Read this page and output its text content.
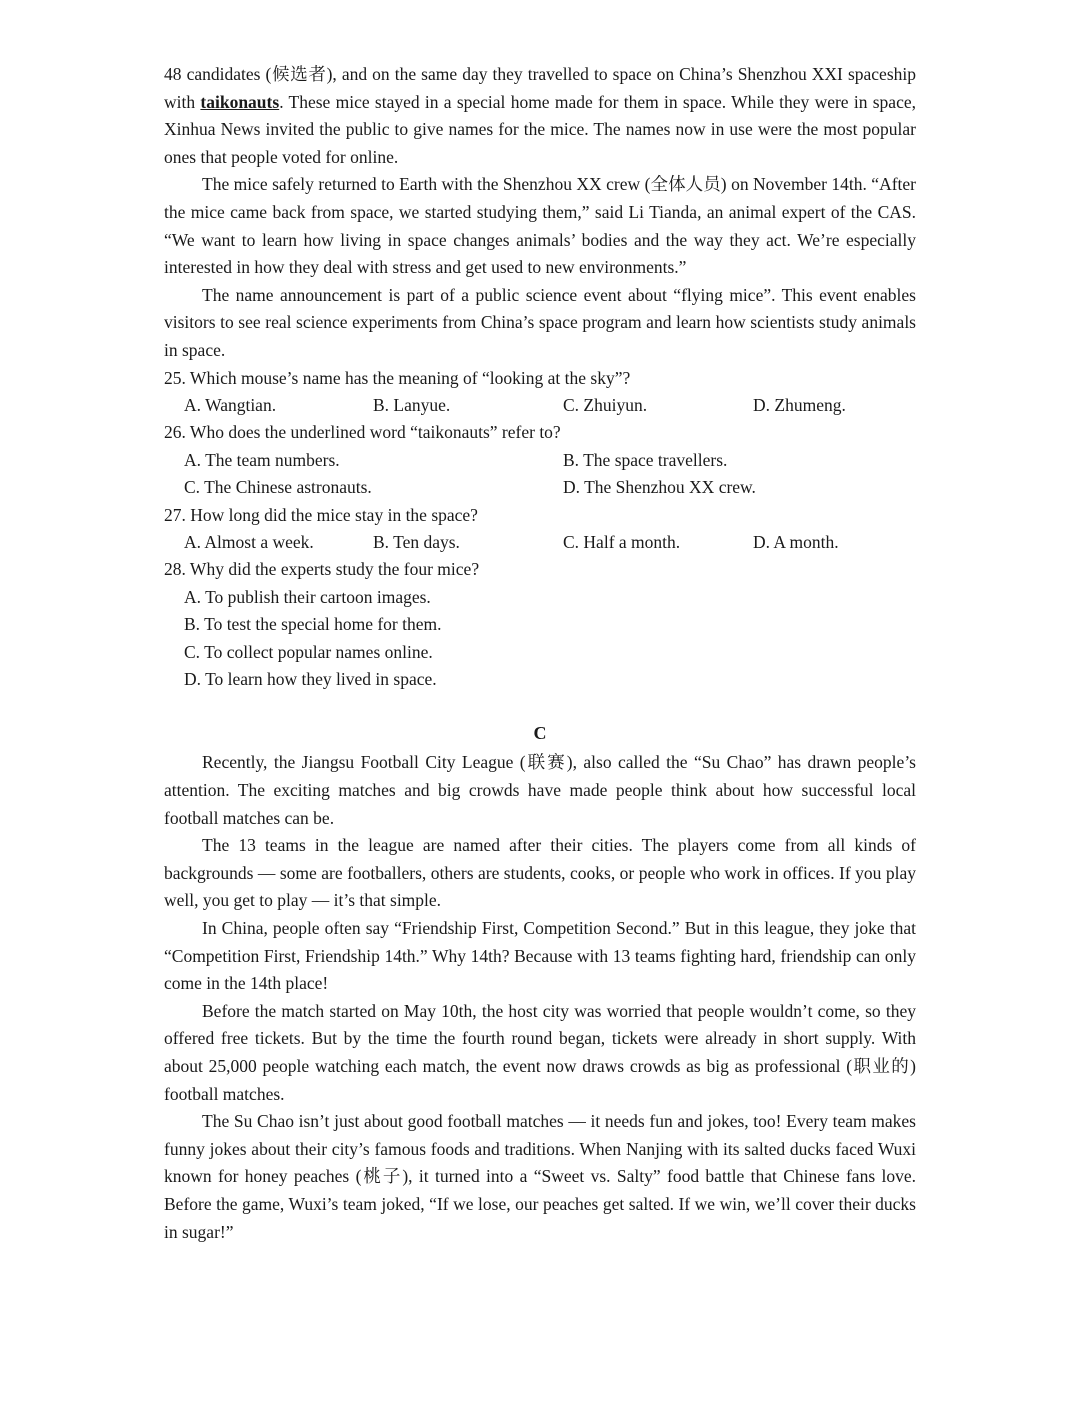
48 candidates (候选者), and on the same day they travelled to space on China’s Shenzhou XXI spaceship with taikonauts. These mice stayed in a special home made for them in space. While they were in space, Xinhua News invited the public to give names for the mice. The names now in use were the most popular ones that people voted for online.

The mice safely returned to Earth with the Shenzhou XX crew (全体人员) on November 14th. “After the mice came back from space, we started studying them,” said Li Tianda, an animal expert of the CAS. “We want to learn how living in space changes animals’ bodies and the way they act. We’re especially interested in how they deal with stress and get used to new environments.”

The name announcement is part of a public science event about “flying mice”. This event enables visitors to see real science experiments from China’s space program and learn how scientists study animals in space.

25. Which mouse’s name has the meaning of “looking at the sky”?
A. Wangtian.	B. Lanyue.	C. Zhuiyun.	D. Zhumeng.
26. Who does the underlined word “taikonauts” refer to?
A. The team numbers.	B. The space travellers.
C. The Chinese astronauts.	D. The Shenzhou XX crew.
27. How long did the mice stay in the space?
A. Almost a week.	B. Ten days.	C. Half a month.	D. A month.
28. Why did the experts study the four mice?
A. To publish their cartoon images.
B. To test the special home for them.
C. To collect popular names online.
D. To learn how they lived in space.
C

Recently, the Jiangsu Football City League (联赛), also called the “Su Chao” has drawn people’s attention. The exciting matches and big crowds have made people think about how successful local football matches can be.

The 13 teams in the league are named after their cities. The players come from all kinds of backgrounds — some are footballers, others are students, cooks, or people who work in offices. If you play well, you get to play — it’s that simple.

In China, people often say “Friendship First, Competition Second.” But in this league, they joke that “Competition First, Friendship 14th.” Why 14th? Because with 13 teams fighting hard, friendship can only come in the 14th place!

Before the match started on May 10th, the host city was worried that people wouldn’t come, so they offered free tickets. But by the time the fourth round began, tickets were already in short supply. With about 25,000 people watching each match, the event now draws crowds as big as professional (职业的) football matches.

The Su Chao isn’t just about good football matches — it needs fun and jokes, too! Every team makes funny jokes about their city’s famous foods and traditions. When Nanjing with its salted ducks faced Wuxi known for honey peaches (桃子), it turned into a “Sweet vs. Salty” food battle that Chinese fans love. Before the game, Wuxi’s team joked, “If we lose, our peaches get salted. If we win, we’ll cover their ducks in sugar!”
